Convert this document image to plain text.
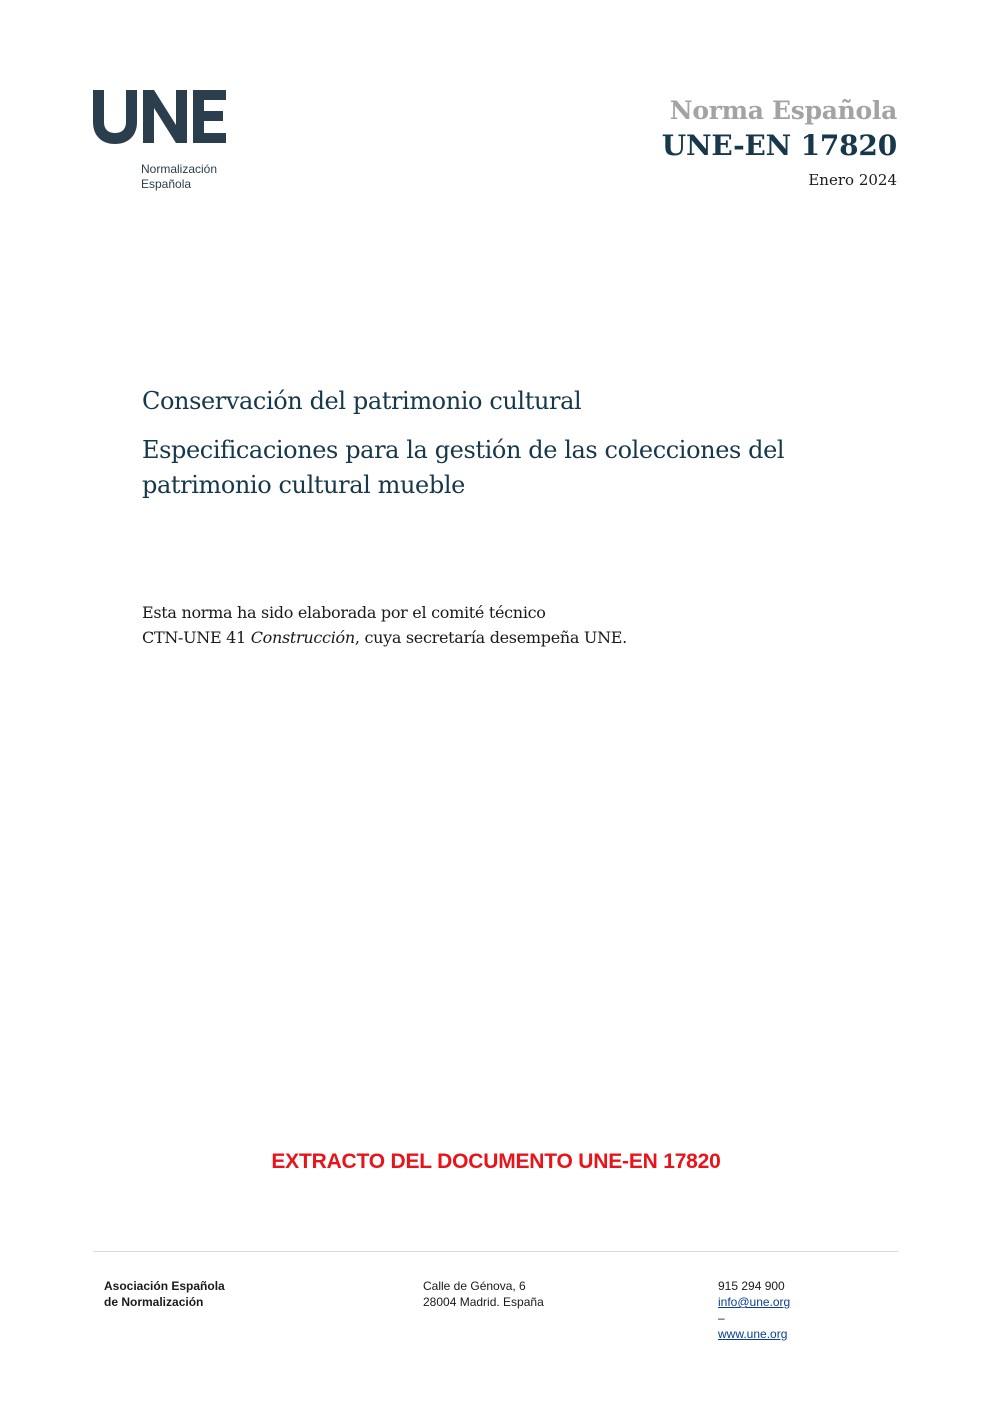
Normalización
Española
Norma Española
UNE-EN 17820
Enero 2024

Conservación del patrimonio cultural

Especificaciones para la gestión de las colecciones del
patrimonio cultural mueble
Esta norma ha sido elaborada por el comité técnico
CTN-UNE 41 Construcción, cuya secretaría desempeña UNE.
EXTRACTO DEL DOCUMENTO UNE-EN 17820
Asociación Española
de Normalización
Calle de Génova, 6
28004 Madrid. España
915 294 900
info@une.org
–
www.une.org
